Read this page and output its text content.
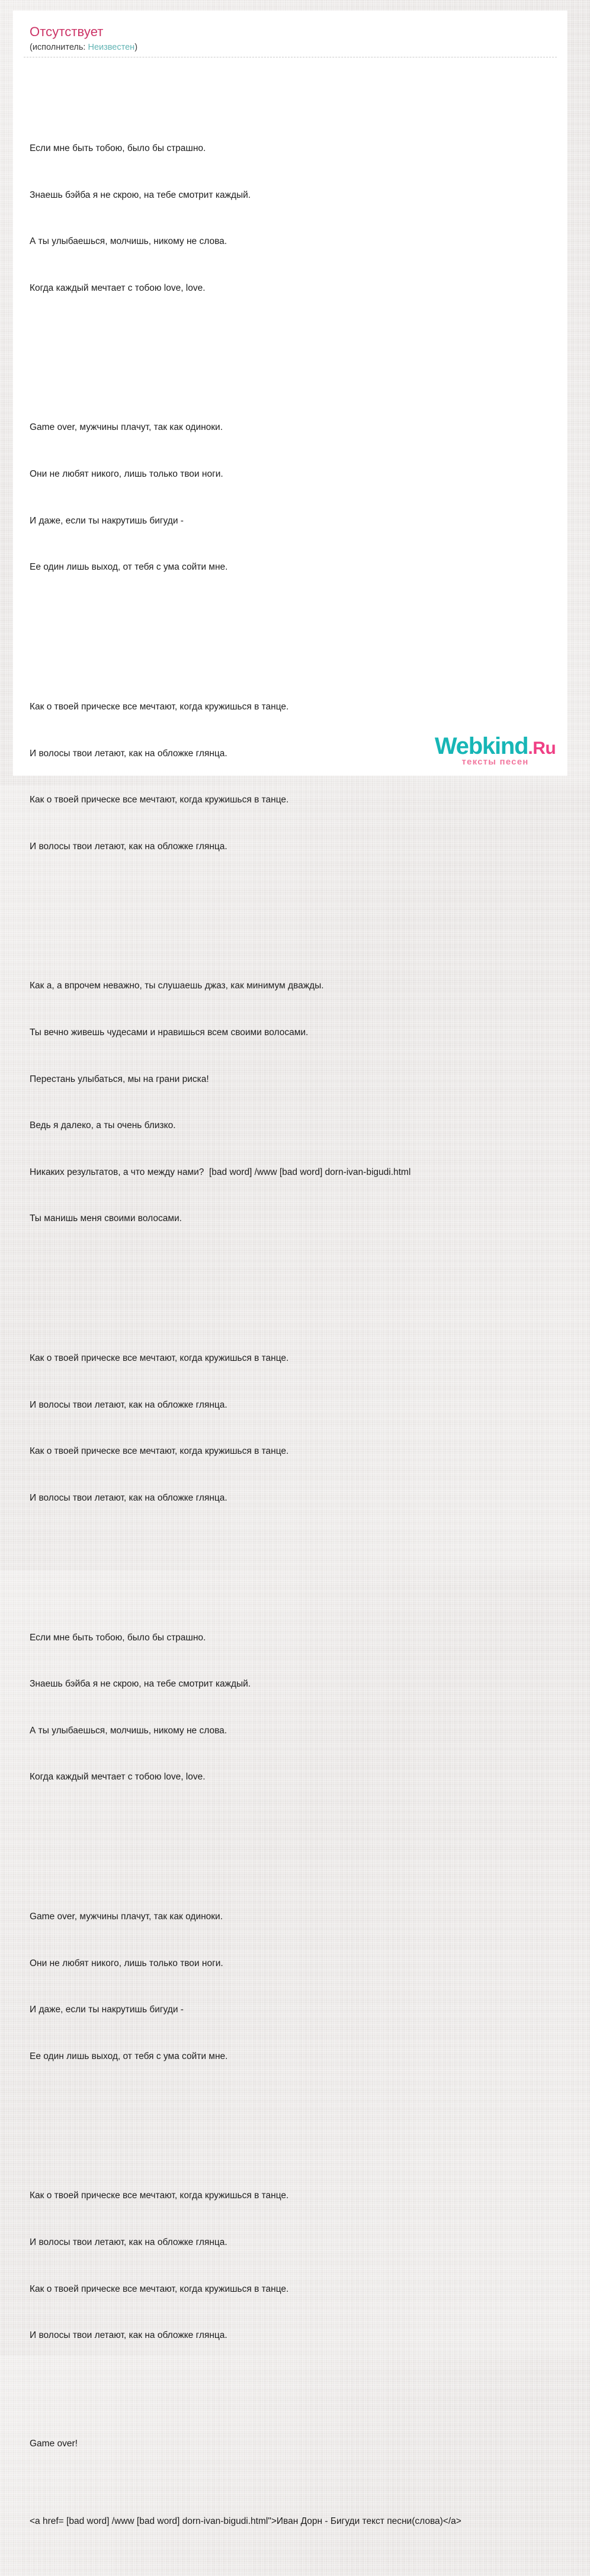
Отсутствует
(исполнитель: Неизвестен)

Если мне быть тобою, было бы страшно.

Знаешь бэйба я не скрою, на тебе смотрит каждый.

А ты улыбаешься, молчишь, никому не слова.

Когда каждый мечтает с тобою love, love.

Game over, мужчины плачут, так как одиноки.

Они не любят никого, лишь только твои ноги.

И даже, если ты накрутишь бигуди -

Ее один лишь выход, от тебя с ума сойти мне.

Как о твоей прическе все мечтают, когда кружишься в танце.

И волосы твои летают, как на обложке глянца.

Как о твоей прическе все мечтают, когда кружишься в танце.

И волосы твои летают, как на обложке глянца.

Как а, а впрочем неважно, ты слушаешь джаз, как минимум дважды.

Ты вечно живешь чудесами и нравишься всем своими волосами.

Перестань улыбаться, мы на грани риска!

Ведь я далеко, а ты очень близко.

Никаких результатов, а что между нами?  [bad word] /www [bad word] dorn-ivan-bigudi.html

Ты манишь меня своими волосами.

Как о твоей прическе все мечтают, когда кружишься в танце.

И волосы твои летают, как на обложке глянца.

Как о твоей прическе все мечтают, когда кружишься в танце.

И волосы твои летают, как на обложке глянца.

Если мне быть тобою, было бы страшно.

Знаешь бэйба я не скрою, на тебе смотрит каждый.

А ты улыбаешься, молчишь, никому не слова.

Когда каждый мечтает с тобою love, love.

Game over, мужчины плачут, так как одиноки.

Они не любят никого, лишь только твои ноги.

И даже, если ты накрутишь бигуди -

Ее один лишь выход, от тебя с ума сойти мне.

Как о твоей прическе все мечтают, когда кружишься в танце.

И волосы твои летают, как на обложке глянца.

Как о твоей прическе все мечтают, когда кружишься в танце.

И волосы твои летают, как на обложке глянца.

Game over!

<a href= [bad word] /www [bad word] dorn-ivan-bigudi.html">Иван Дорн - Бигуди текст песни(слова)</a>

Webkind.Ru
тексты песен
